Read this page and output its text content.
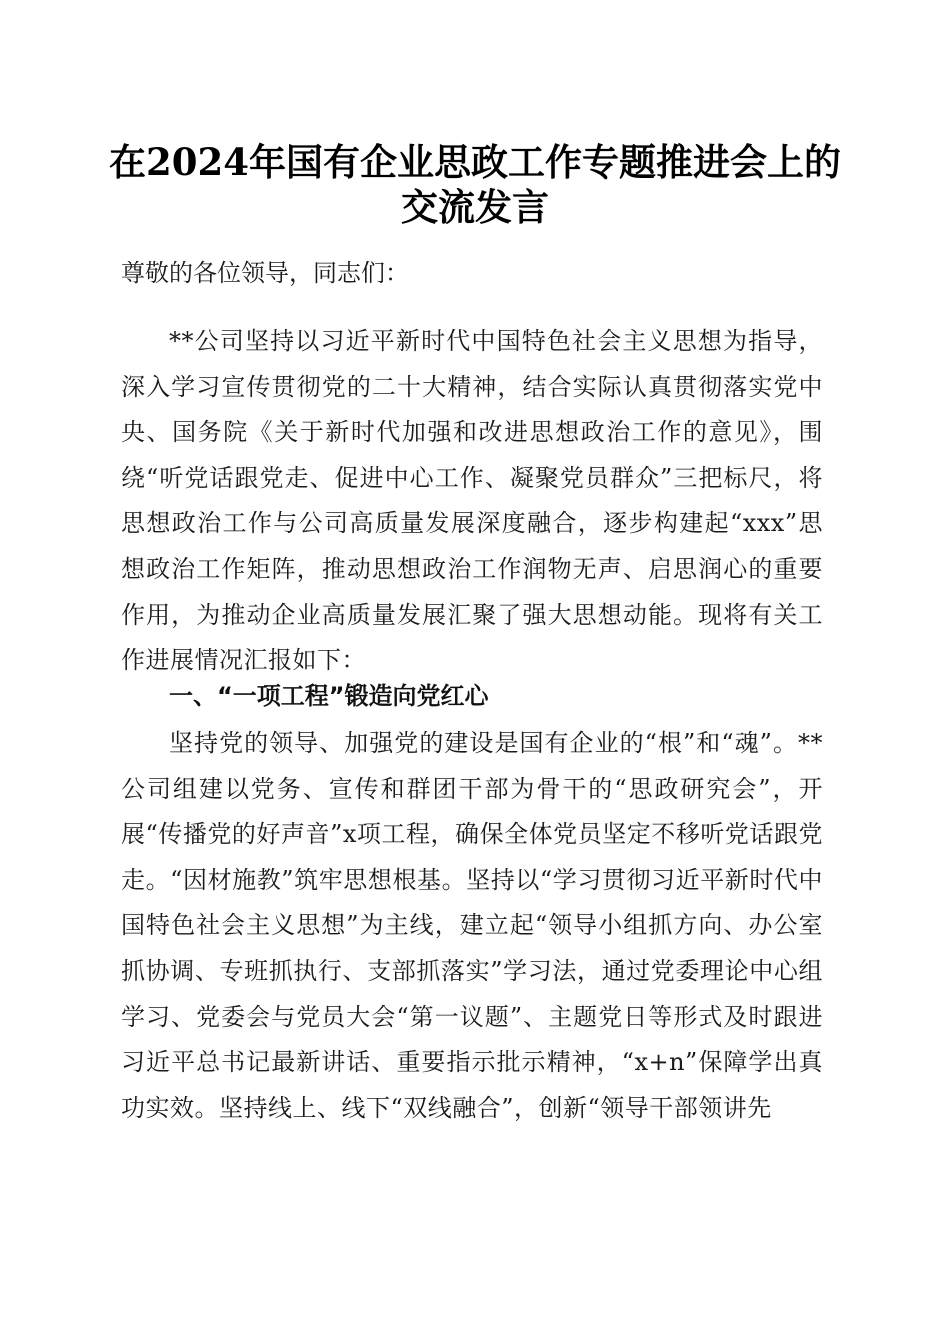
在2024年国有企业思政工作专题推进会上的
交流发言

尊敬的各位领导，同志们：

**公司坚持以习近平新时代中国特色社会主义思想为指导，深入学习宣传贯彻党的二十大精神，结合实际认真贯彻落实党中央、国务院《关于新时代加强和改进思想政治工作的意见》，围绕“听党话跟党走、促进中心工作、凝聚党员群众”三把标尺，将思想政治工作与公司高质量发展深度融合，逐步构建起“xxx”思想政治工作矩阵，推动思想政治工作润物无声、启思润心的重要作用，为推动企业高质量发展汇聚了强大思想动能。现将有关工作进展情况汇报如下：

一、“一项工程”锻造向党红心

坚持党的领导、加强党的建设是国有企业的“根”和“魂”。**公司组建以党务、宣传和群团干部为骨干的“思政研究会”，开展“传播党的好声音”x项工程，确保全体党员坚定不移听党话跟党走。“因材施教”筑牢思想根基。坚持以“学习贯彻习近平新时代中国特色社会主义思想”为主线，建立起“领导小组抓方向、办公室抓协调、专班抓执行、支部抓落实”学习法，通过党委理论中心组学习、党委会与党员大会“第一议题”、主题党日等形式及时跟进习近平总书记最新讲话、重要指示批示精神，“x+n”保障学出真功实效。坚持线上、线下“双线融合”，创新“领导干部领讲先
